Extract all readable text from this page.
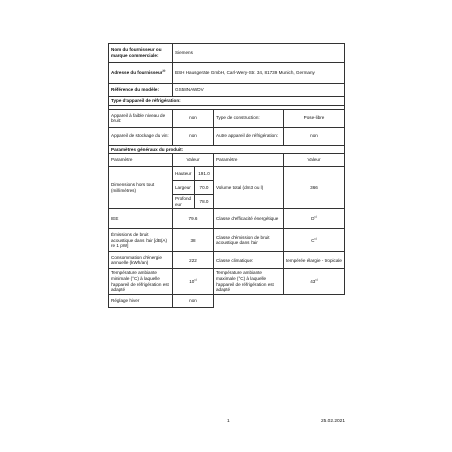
Nom du fournisseur ou marque commerciale:	Siemens			
Adresse du fournisseur$^{b)}$	BSH Hausgeräte GmbH, Carl-Wery-Str. 34, 81739 Munich, Germany			
Référence du modèle:	GS58NAWDV			
Type d'appareil de réfrigération:				

Appareil à faible niveau de bruit:	non		Type de construction:	Pose-libre
Appareil de stockage du vin:	non		Autre appareil de réfrigération:	non
Paramètres généraux du produit:				
Paramètre	Valeur		Paramètre	Valeur
Dimensions hors tout (millimètres)	Hauteur	191.0	Volume total (dm3 ou l)	366
	Largeur	70.0		
	Profondeur	78.0		
IEE	79.6		Classe d'efficacité énergétique	$D^{c)}$
Émissions de bruit acoustique dans l'air [dB(A) re 1 pW]	38		Classe d'émission de bruit acoustique dans l'air	$C^{c)}$
Consommation d'énergie annuelle (kWh/an)	222		Classe climatique:	tempérée élargie - tropicale
Température ambiante minimale (°C) à laquelle l'appareil de réfrigération est adapté	10$^{c)}$		Température ambiante maximale (°C) à laquelle l'appareil de réfrigération est adapté	43$^{c)}$
Réglage hiver	non			
1	25.02.2021
